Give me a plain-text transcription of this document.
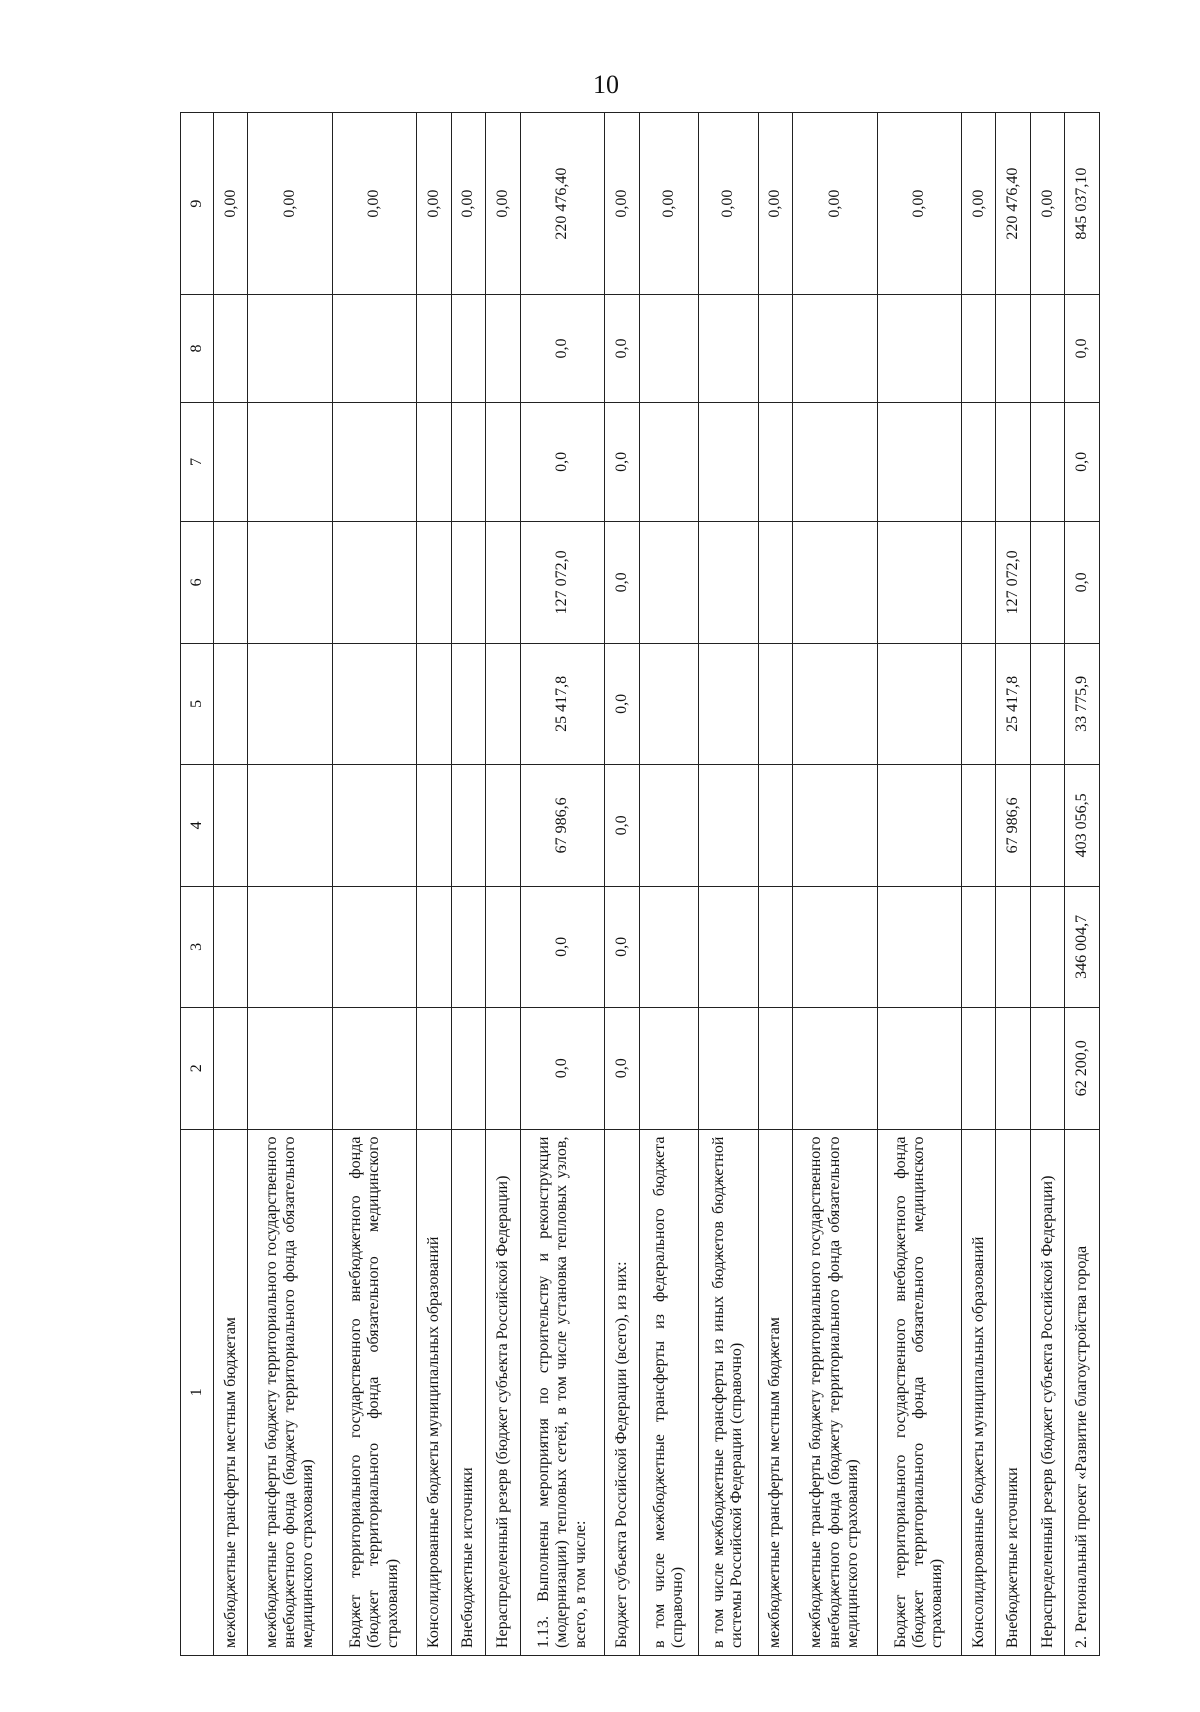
10
1	2	3	4	5	6	7	8	9
межбюджетные трансферты местным бюджетам								0,00
межбюджетные трансферты бюджету территориального государственного внебюджетного фонда (бюджету территориального фонда обязательного медицинского страхования)								0,00
Бюджет территориального государственного внебюджетного фонда (бюджет территориального фонда обязательного медицинского страхования)								0,00
Консолидированные бюджеты муниципальных образований								0,00
Внебюджетные источники								0,00
Нераспределенный резерв (бюджет субъекта Российской Федерации)								0,00
1.13. Выполнены мероприятия по строительству и реконструкции (модернизации) тепловых сетей, в том числе установка тепловых узлов, всего, в том числе:	0,0	0,0	67 986,6	25 417,8	127 072,0	0,0	0,0	220 476,40
Бюджет субъекта Российской Федерации (всего), из них:	0,0	0,0	0,0	0,0	0,0	0,0	0,0	0,00
в том числе межбюджетные трансферты из федерального бюджета (справочно)								0,00
в том числе межбюджетные трансферты из иных бюджетов бюджетной системы Российской Федерации (справочно)								0,00
межбюджетные трансферты местным бюджетам								0,00
межбюджетные трансферты бюджету территориального государственного внебюджетного фонда (бюджету территориального фонда обязательного медицинского страхования)								0,00
Бюджет территориального государственного внебюджетного фонда (бюджет территориального фонда обязательного медицинского страхования)								0,00
Консолидированные бюджеты муниципальных образований								0,00
Внебюджетные источники			67 986,6	25 417,8	127 072,0			220 476,40
Нераспределенный резерв (бюджет субъекта Российской Федерации)								0,00
2. Региональный проект «Развитие благоустройства города	62 200,0	346 004,7	403 056,5	33 775,9	0,0	0,0	0,0	845 037,10
